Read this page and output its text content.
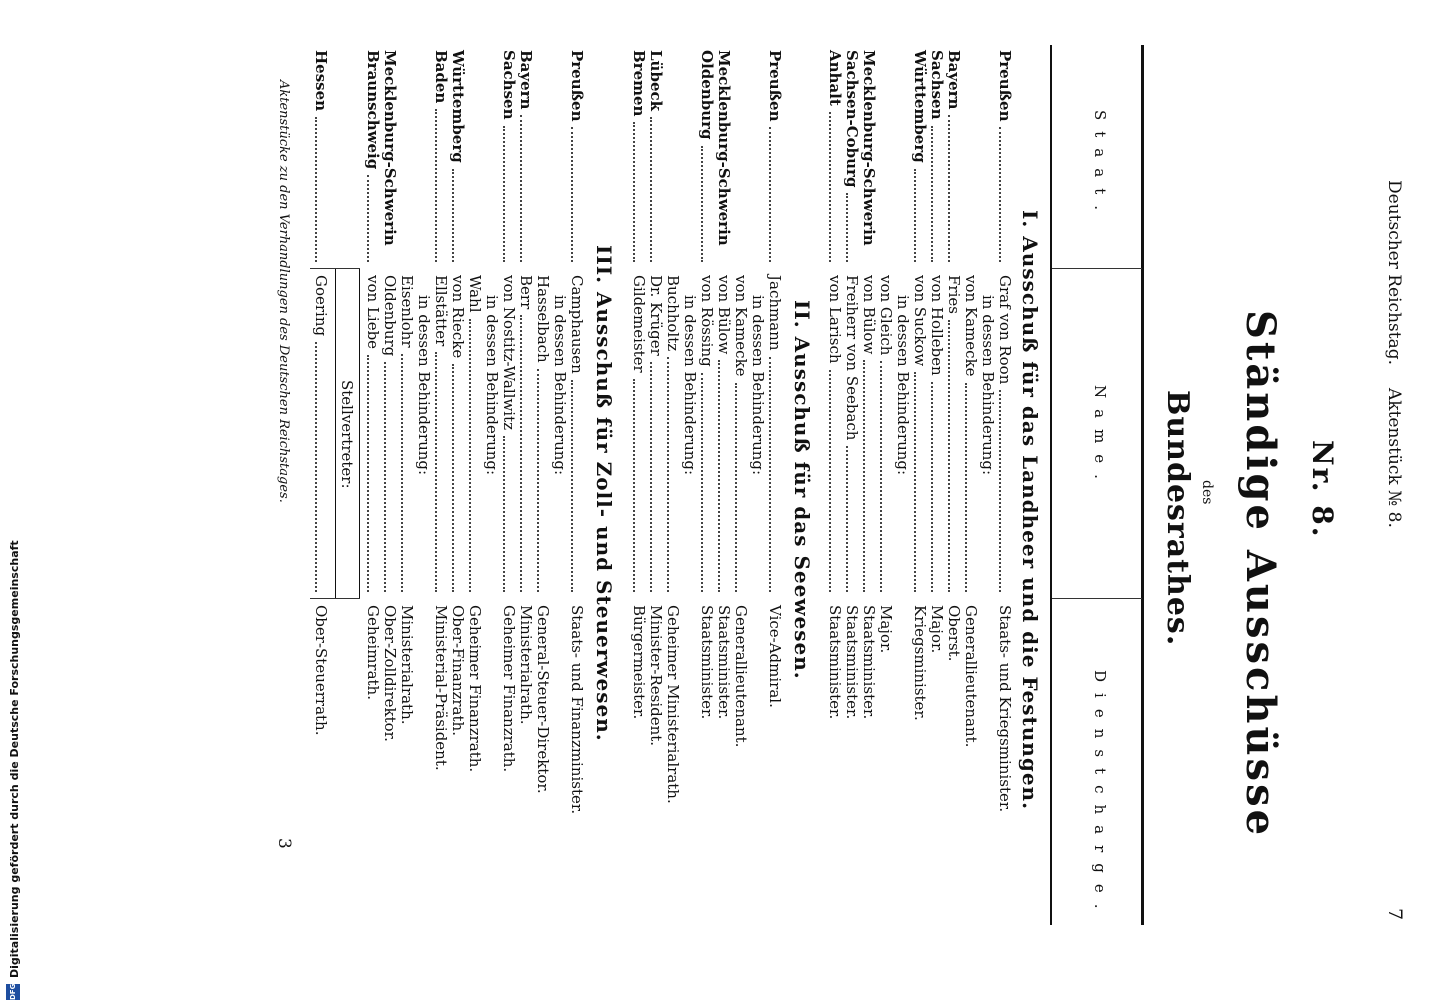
Deutscher Reichstag.
Aktenstück № 8.
7
Nr. 8.
Ständige Ausschüsse
des
Bundesrathes.
Staat.
Name.
Dienstcharge.
I. Ausschuß für das Landheer und die Festungen.
Preußen
Graf von Roon
Staats- und Kriegsminister.
in dessen Behinderung:
von Kamecke
Generallieutenant.
Bayern
Fries
Oberst.
Sachsen
von Holleben
Major.
Württemberg
von Suckow
Kriegsminister.
in dessen Behinderung:
von Gleich
Major.
Mecklenburg-Schwerin
von Bülow
Staatsminister.
Sachsen-Coburg
Freiherr von Seebach
Staatsminister.
Anhalt
von Larisch
Staatsminister.
II. Ausschuß für das Seewesen.
Preußen
Jachmann
Vice-Admiral.
in dessen Behinderung:
von Kamecke
Generallieutenant.
Mecklenburg-Schwerin
von Bülow
Staatsminister.
Oldenburg
von Rössing
Staatsminister.
in dessen Behinderung:
Buchholtz
Geheimer Ministerialrath.
Lübeck
Dr. Krüger
Minister-Resident.
Bremen
Gildemeister
Bürgermeister.
III. Ausschuß für Zoll- und Steuerwesen.
Preußen
Camphausen
Staats- und Finanzminister.
in dessen Behinderung:
Hasselbach
General-Steuer-Direktor.
Bayern
Berr
Ministerialrath.
Sachsen
von Nostitz-Wallwitz
Geheimer Finanzrath.
in dessen Behinderung:
Wahl
Geheimer Finanzrath.
Württemberg
von Riecke
Ober-Finanzrath.
Baden
Ellstätter
Ministerial-Präsident.
in dessen Behinderung:
Eisenlohr
Ministerialrath.
Mecklenburg-Schwerin
Oldenburg
Ober-Zolldirektor.
Braunschweig
von Liebe
Geheimrath.
Stellvertreter:
Hessen
Goering
Ober-Steuerrath.
Aktenstücke zu den Verhandlungen des Deutschen Reichstages.
3
DFG
Digitalisierung gefördert durch die Deutsche Forschungsgemeinschaft
